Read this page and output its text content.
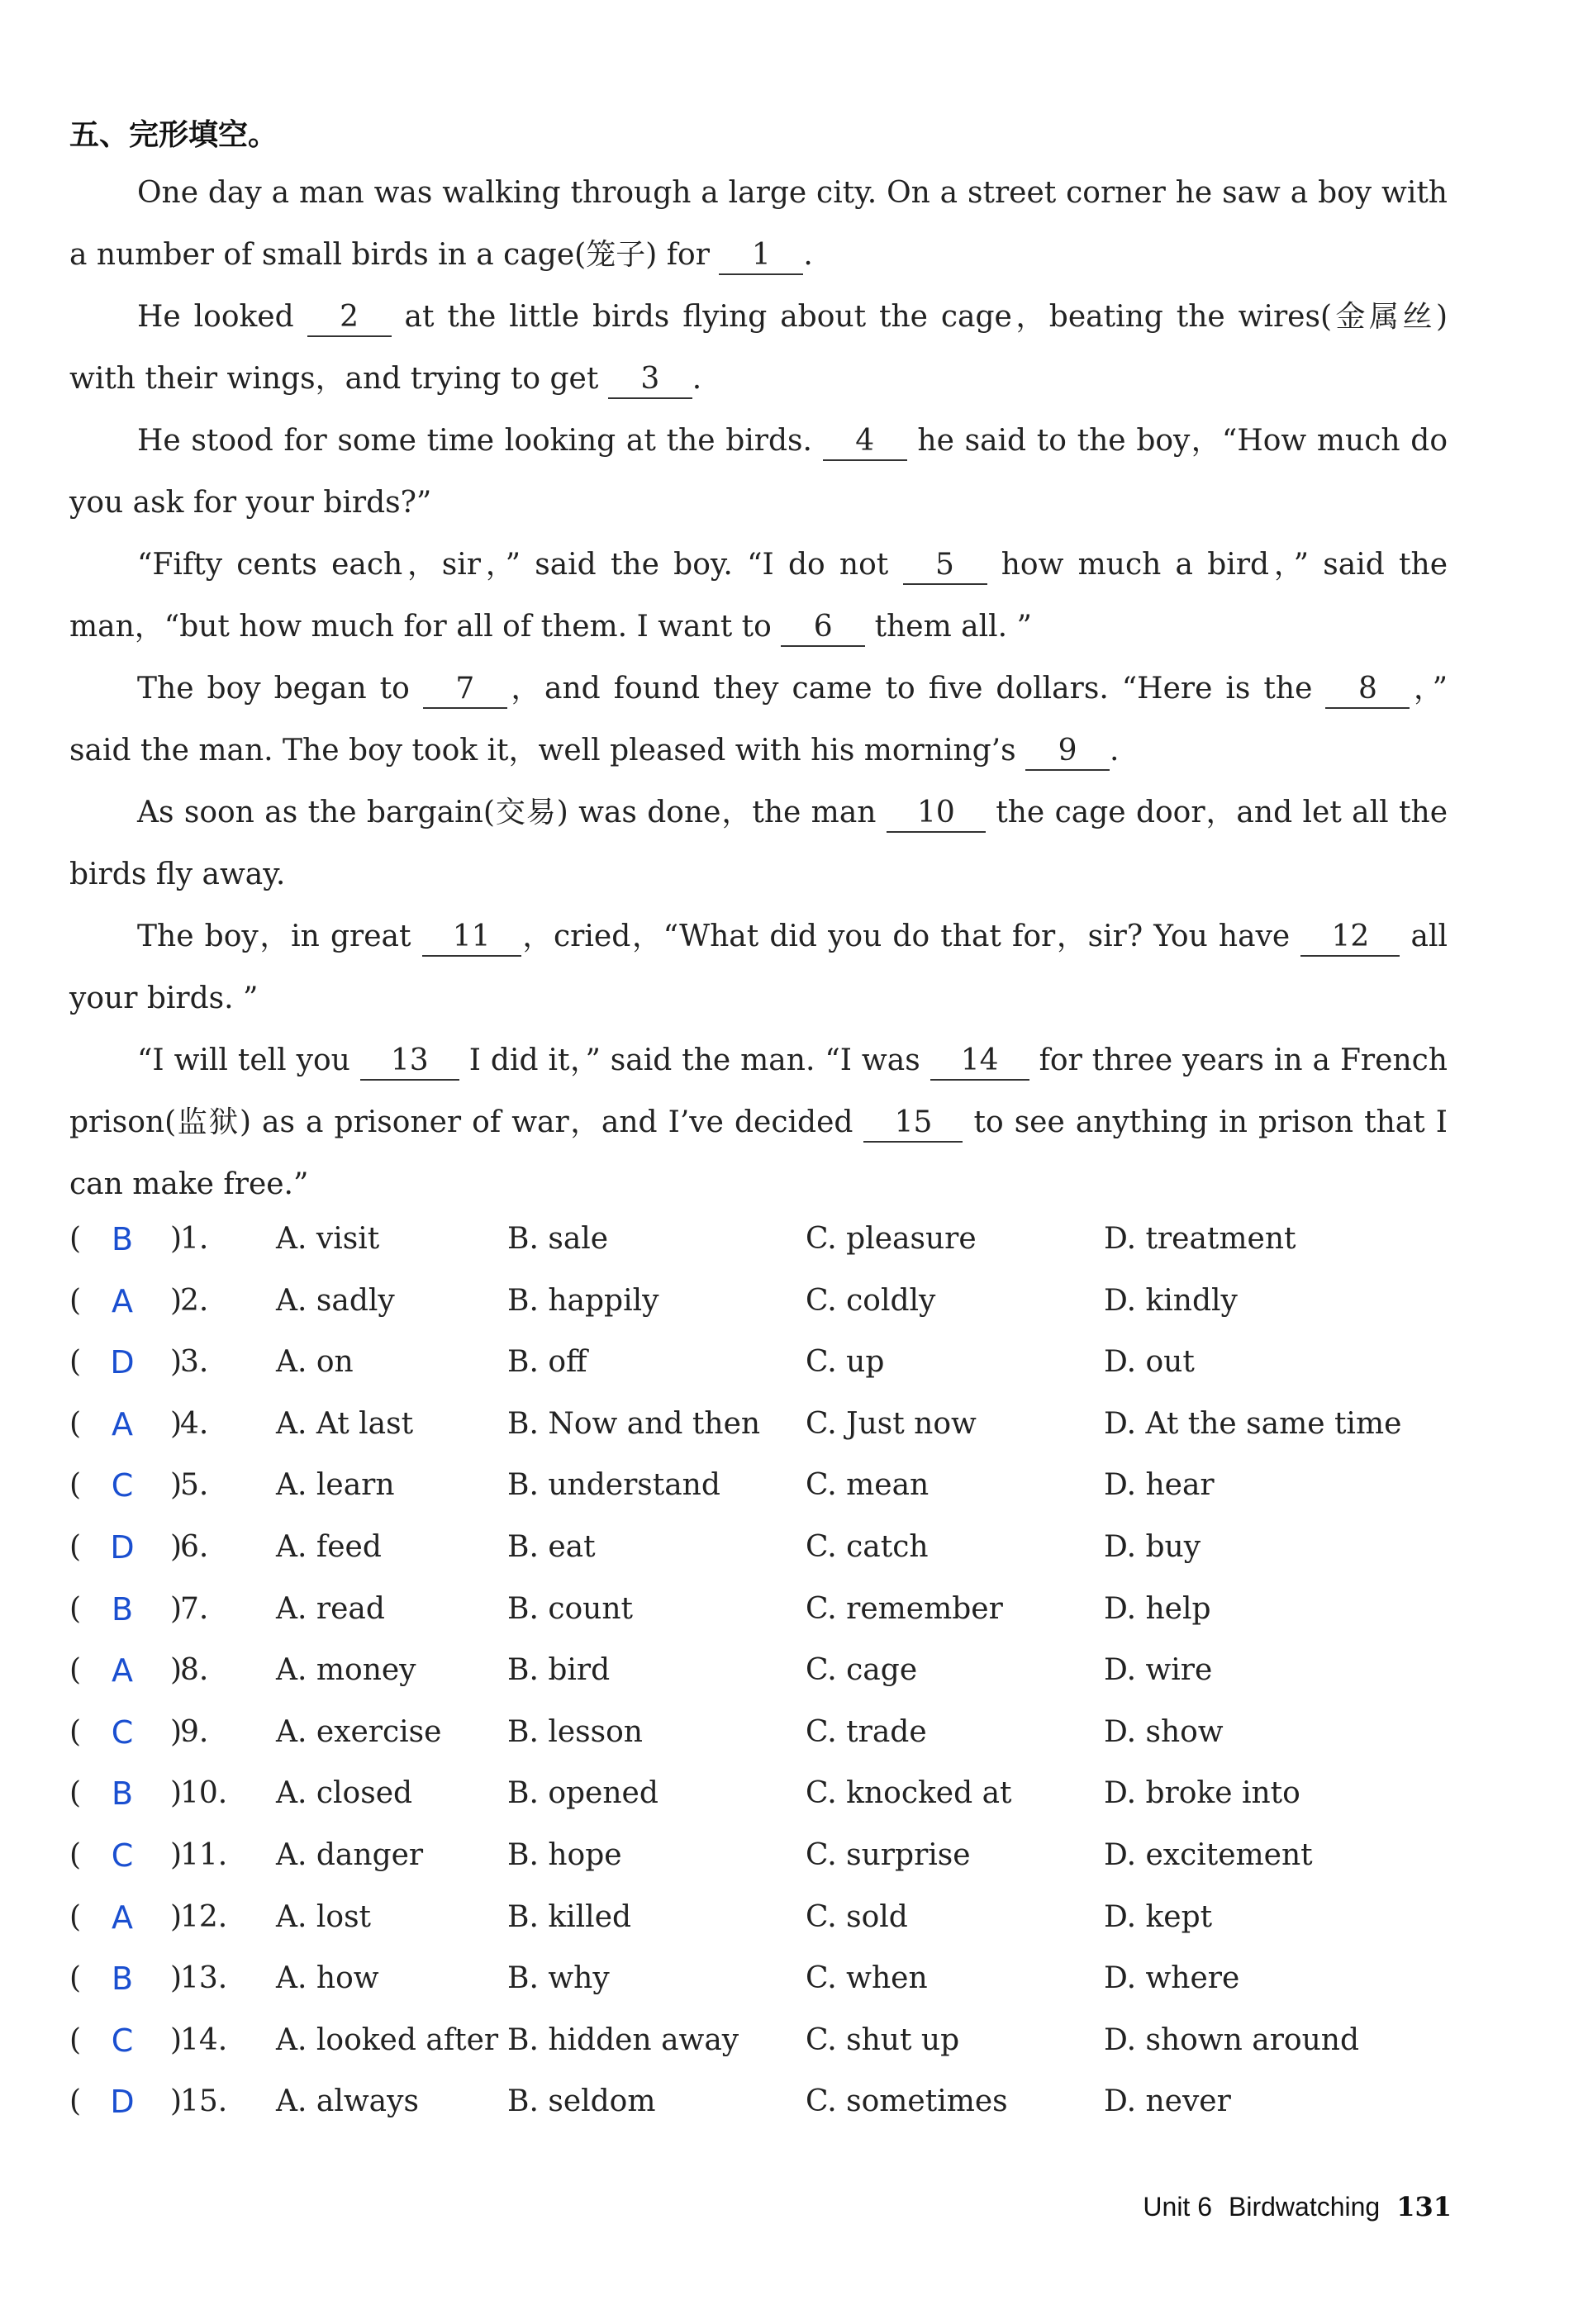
五、完形填空。

One day a man was walking through a large city. On a street corner he saw a boy with a number of small birds in a cage(笼子) for 1 .

He looked 2 at the little birds flying about the cage，beating the wires(金属丝) with their wings，and trying to get 3 .

He stood for some time looking at the birds. 4 he said to the boy，“How much do you ask for your birds?”

“Fifty cents each，sir，” said the boy. “I do not 5 how much a bird，” said the man，“but how much for all of them. I want to 6 them all. ”

The boy began to 7 ，and found they came to five dollars. “Here is the 8 ，” said the man. The boy took it，well pleased with his morning’s 9 .

As soon as the bargain(交易) was done，the man 10 the cage door，and let all the birds fly away.

The boy，in great 11 ，cried，“What did you do that for，sir? You have 12 all your birds. ”

“I will tell you 13 I did it，” said the man. “I was 14 for three years in a French prison(监狱) as a prisoner of war，and I’ve decided 15 to see anything in prison that I can make free.”

( B )
1. A. visit	B. sale	C. pleasure	D. treatment
( A )
2. A. sadly	B. happily	C. coldly	D. kindly
( D )
3. A. on	B. off	C. up	D. out
( A )
4. A. At last	B. Now and then C. Just now	D. At the same time
( C )
5. A. learn	B. understand	C. mean	D. hear
( D )
6. A. feed	B. eat	C. catch	D. buy
( B )
7. A. read	B. count	C. remember	D. help
( A )
8. A. money	B. bird	C. cage	D. wire
( C )
9. A. exercise B. lesson	C. trade	D. show
( B )
10. A. closed	B. opened	C. knocked at	D. broke into
( C )
11. A. danger	B. hope	C. surprise	D. excitement
( A )
12. A. lost	B. killed	C. sold	D. kept
( B )
13. A. how	B. why	C. when	D. where
( C )
14. A. looked after B. hidden away C. shut up	D. shown around
( D )
15. A. always	B. seldom	C. sometimes	D. never
Unit 6 Birdwatching 131
